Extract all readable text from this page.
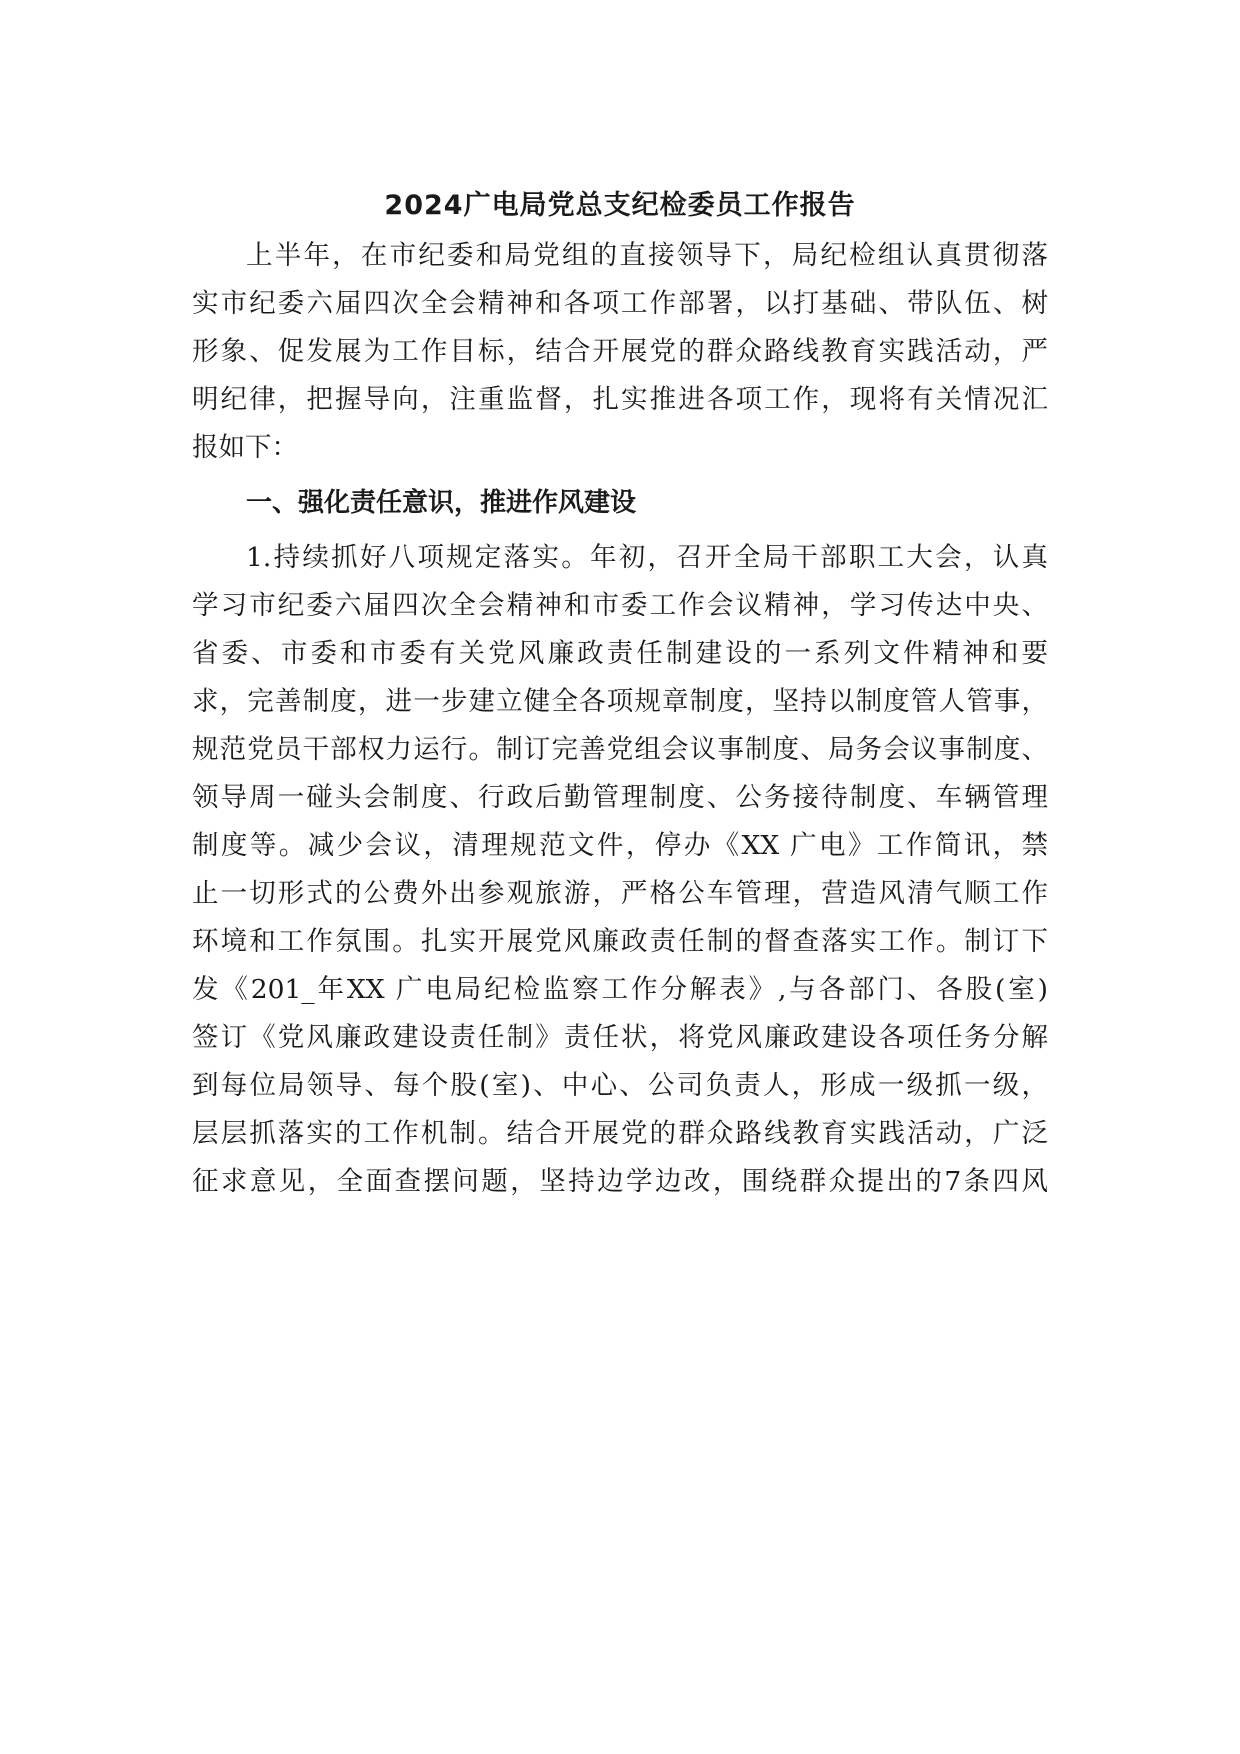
2024广电局党总支纪检委员工作报告

上半年，在市纪委和局党组的直接领导下，局纪检组认真贯彻落

实市纪委六届四次全会精神和各项工作部署，以打基础、带队伍、树

形象、促发展为工作目标，结合开展党的群众路线教育实践活动，严

明纪律，把握导向，注重监督，扎实推进各项工作，现将有关情况汇

报如下：

一、强化责任意识，推进作风建设

1.持续抓好八项规定落实。年初，召开全局干部职工大会，认真

学习市纪委六届四次全会精神和市委工作会议精神，学习传达中央、

省委、市委和市委有关党风廉政责任制建设的一系列文件精神和要

求，完善制度，进一步建立健全各项规章制度，坚持以制度管人管事，

规范党员干部权力运行。制订完善党组会议事制度、局务会议事制度、

领导周一碰头会制度、行政后勤管理制度、公务接待制度、车辆管理

制度等。减少会议，清理规范文件，停办《XX 广电》工作简讯，禁

止一切形式的公费外出参观旅游，严格公车管理，营造风清气顺工作

环境和工作氛围。扎实开展党风廉政责任制的督查落实工作。制订下

发《201_年XX 广电局纪检监察工作分解表》,与各部门、各股(室)

签订《党风廉政建设责任制》责任状，将党风廉政建设各项任务分解

到每位局领导、每个股(室)、中心、公司负责人，形成一级抓一级，

层层抓落实的工作机制。结合开展党的群众路线教育实践活动，广泛

征求意见，全面查摆问题，坚持边学边改，围绕群众提出的7条四风
